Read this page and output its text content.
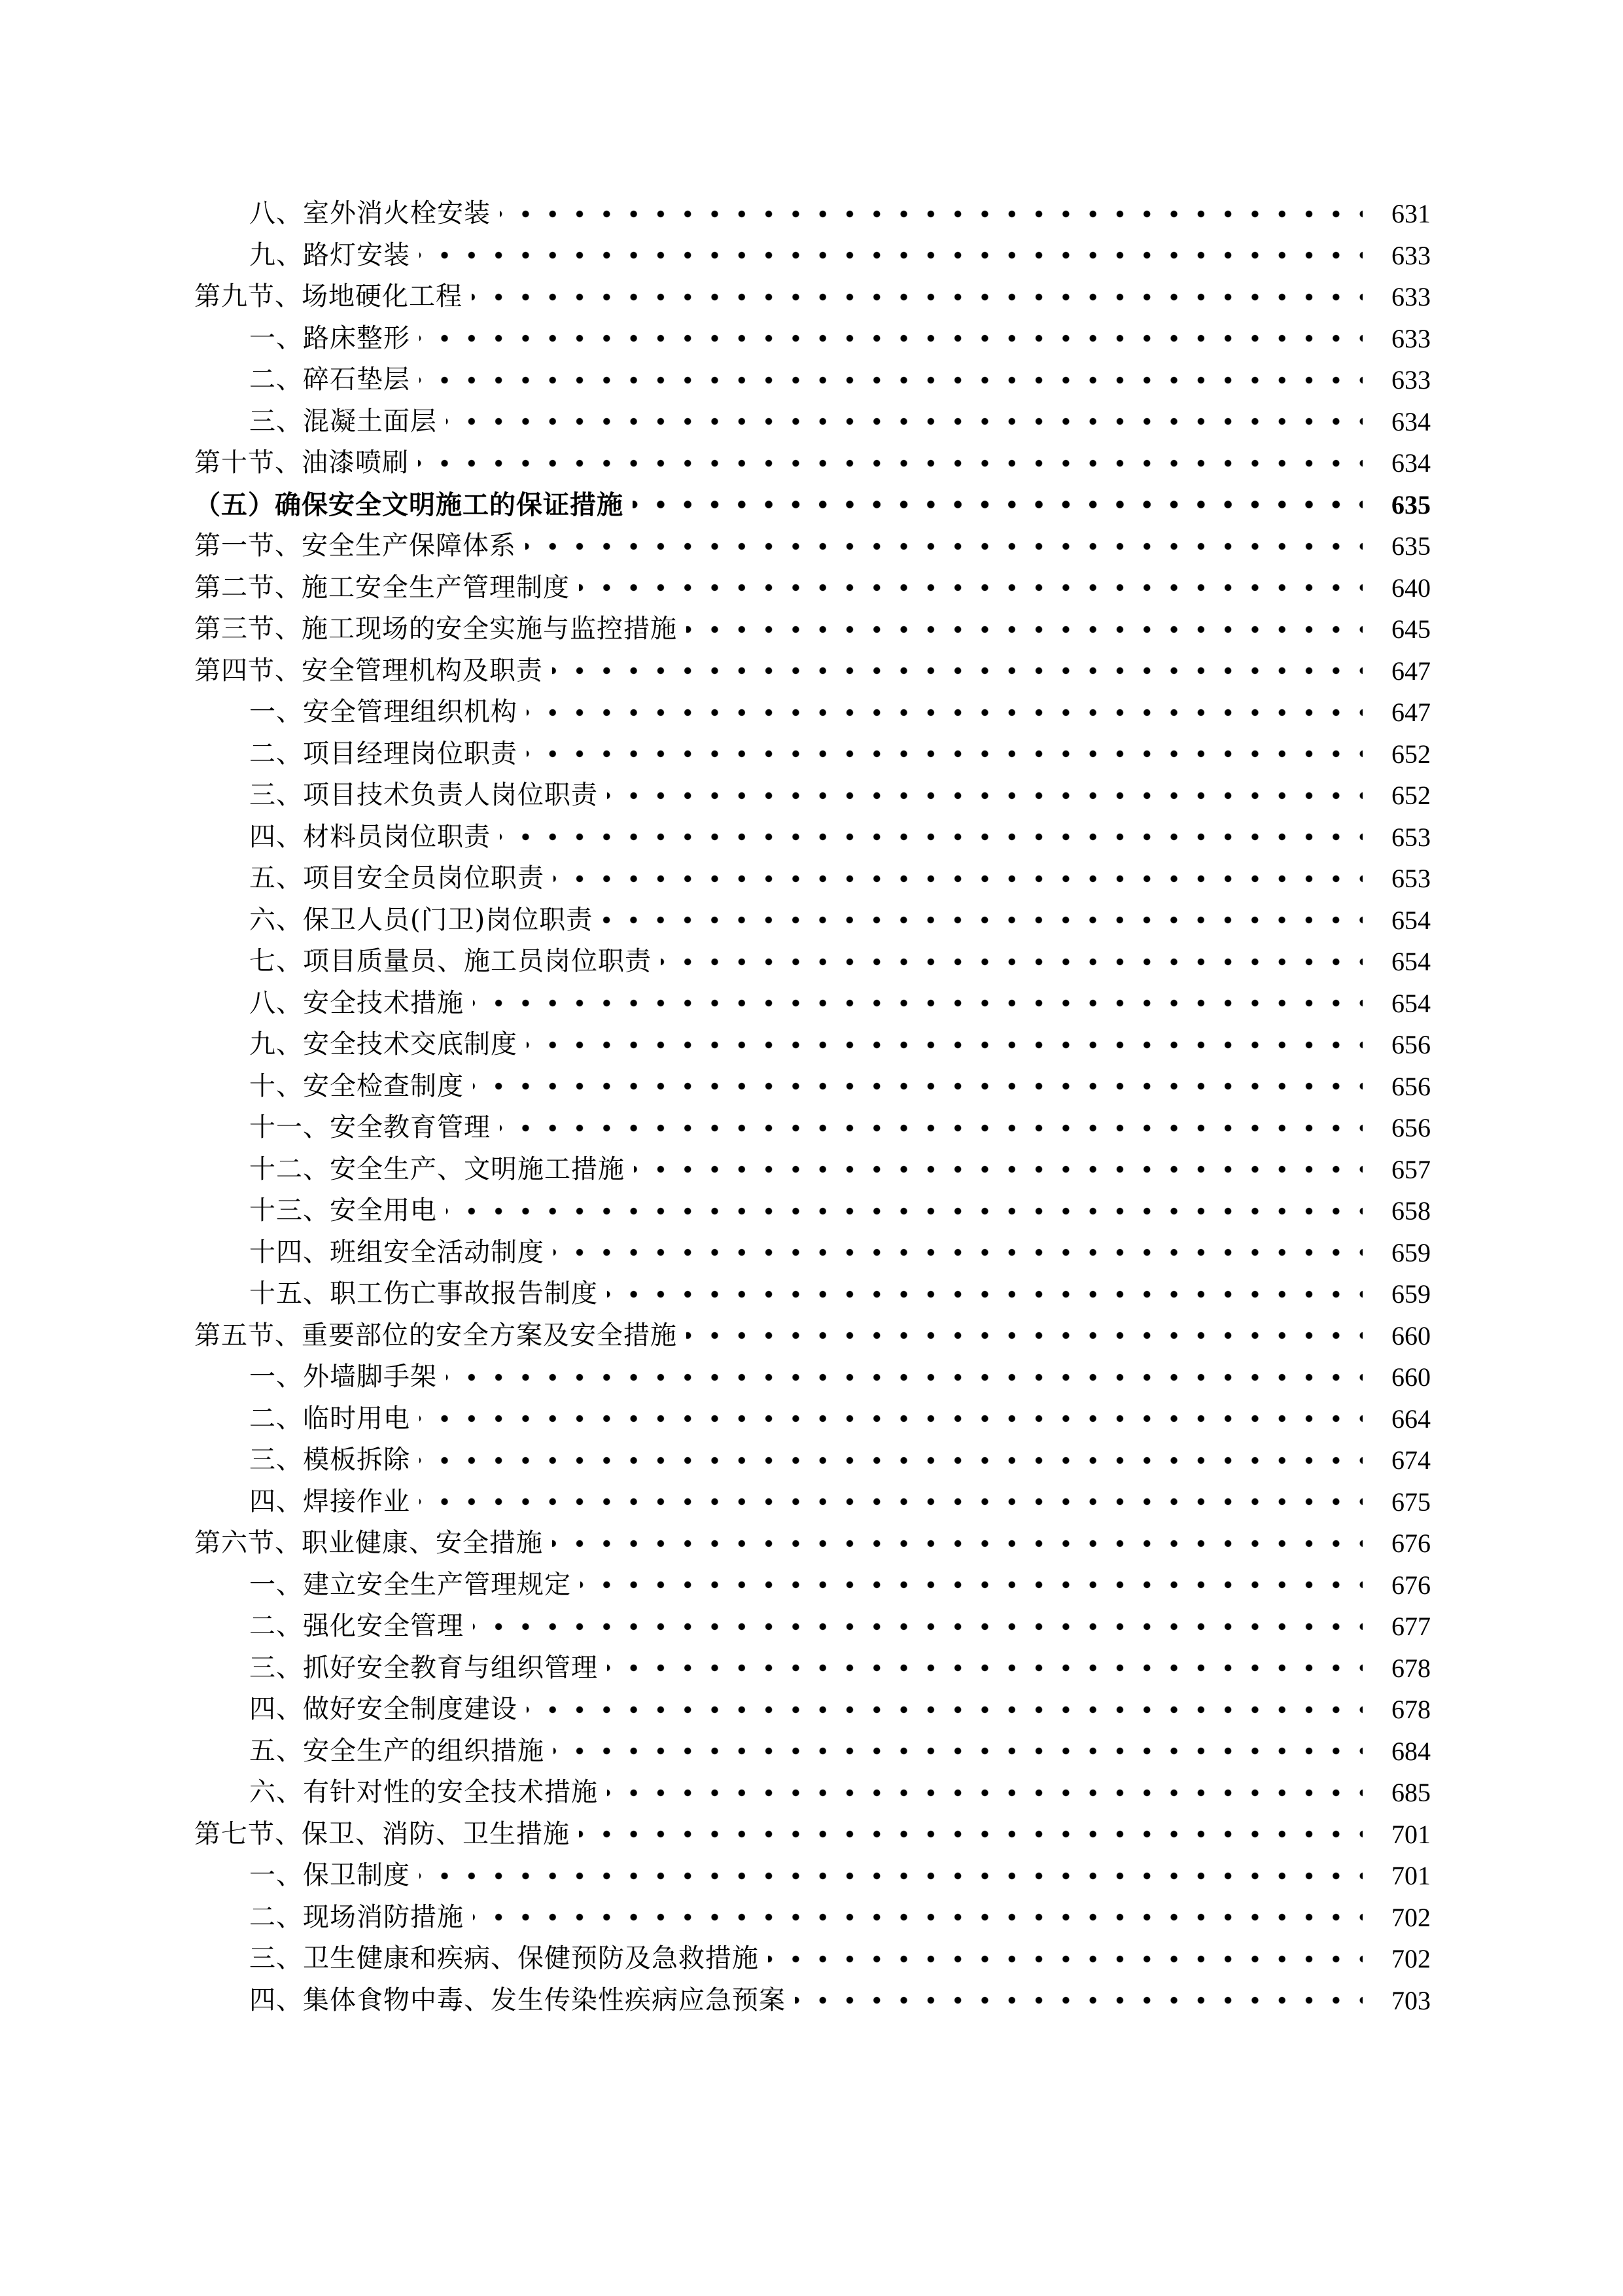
八、室外消火栓安装	631
九、路灯安装	633
第九节、场地硬化工程	633
一、路床整形	633
二、碎石垫层	633
三、混凝土面层	634
第十节、油漆喷刷	634
（五）确保安全文明施工的保证措施	635
第一节、安全生产保障体系	635
第二节、施工安全生产管理制度	640
第三节、施工现场的安全实施与监控措施	645
第四节、安全管理机构及职责	647
一、安全管理组织机构	647
二、项目经理岗位职责	652
三、项目技术负责人岗位职责	652
四、材料员岗位职责	653
五、项目安全员岗位职责	653
六、保卫人员(门卫)岗位职责	654
七、项目质量员、施工员岗位职责	654
八、安全技术措施	654
九、安全技术交底制度	656
十、安全检查制度	656
十一、安全教育管理	656
十二、安全生产、文明施工措施	657
十三、安全用电	658
十四、班组安全活动制度	659
十五、职工伤亡事故报告制度	659
第五节、重要部位的安全方案及安全措施	660
一、外墙脚手架	660
二、临时用电	664
三、模板拆除	674
四、焊接作业	675
第六节、职业健康、安全措施	676
一、建立安全生产管理规定	676
二、强化安全管理	677
三、抓好安全教育与组织管理	678
四、做好安全制度建设	678
五、安全生产的组织措施	684
六、有针对性的安全技术措施	685
第七节、保卫、消防、卫生措施	701
一、保卫制度	701
二、现场消防措施	702
三、卫生健康和疾病、保健预防及急救措施	702
四、集体食物中毒、发生传染性疾病应急预案	703
